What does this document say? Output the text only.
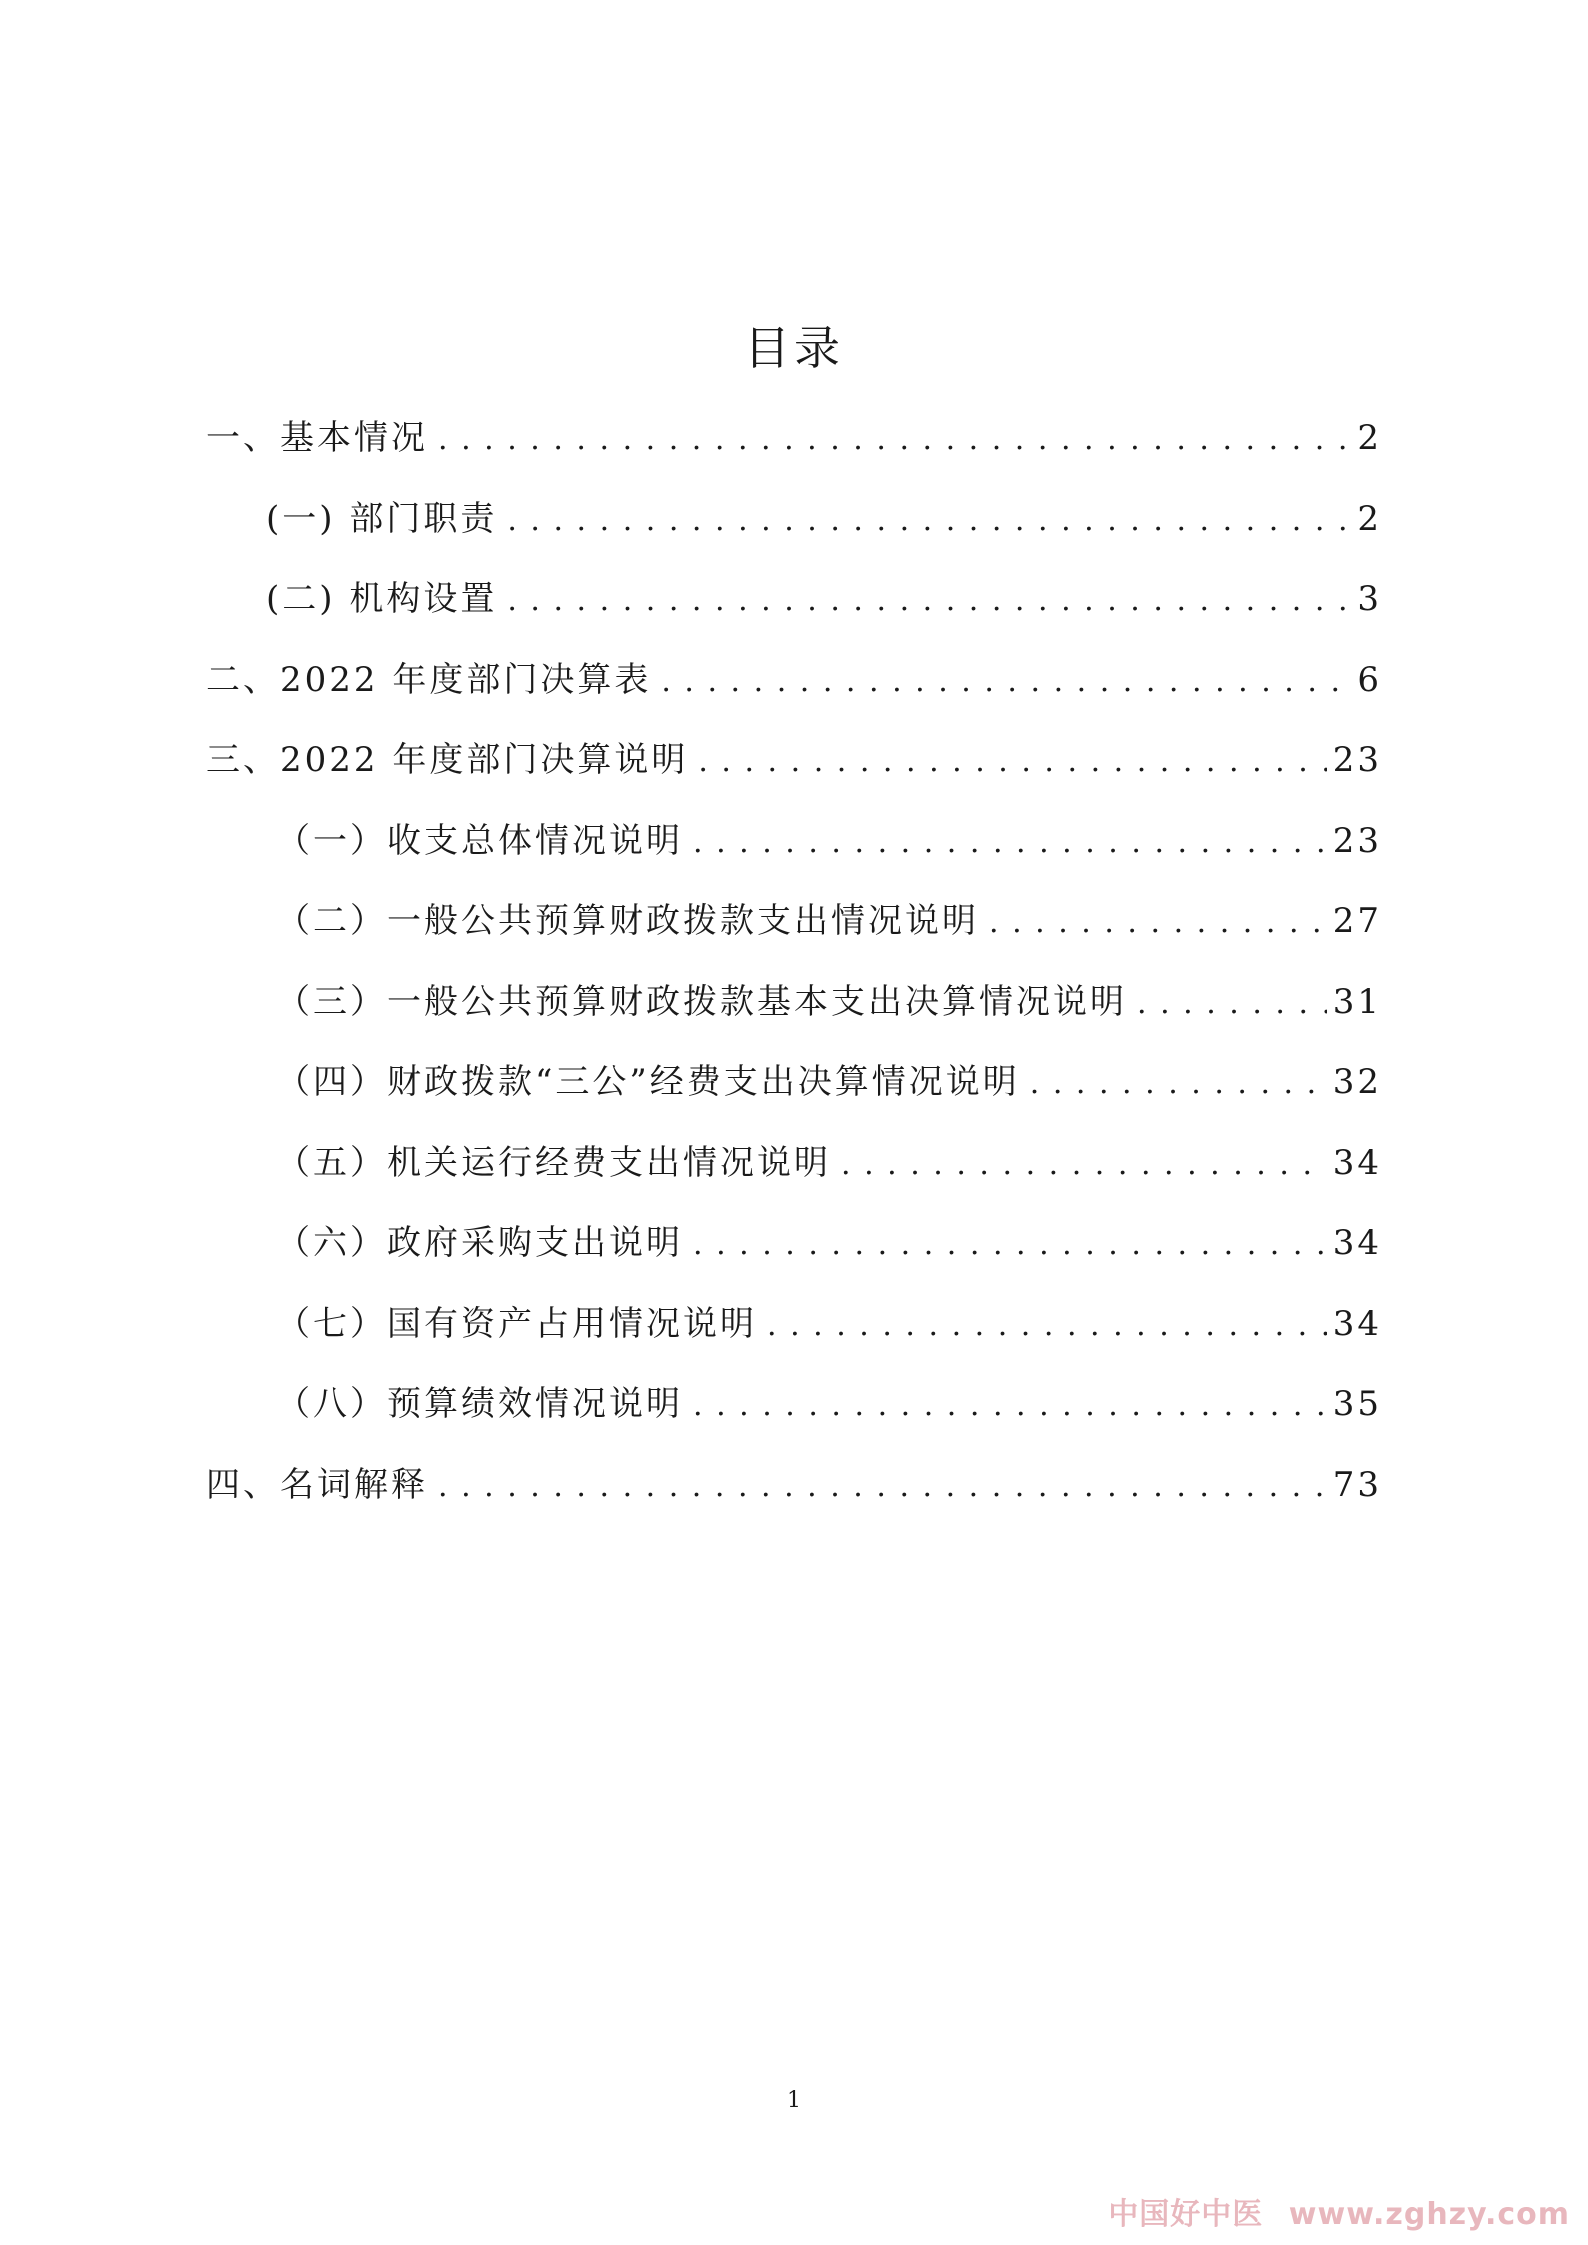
目录
一、基本情况 . . .	2
(一) 部门职责 . . .	2
(二) 机构设置 . . .	3
二、2022 年度部门决算表 . . .	6
三、2022 年度部门决算说明 . . .	23
（一）收支总体情况说明 . . .	23
（二）一般公共预算财政拨款支出情况说明 . . .	27
（三）一般公共预算财政拨款基本支出决算情况说明 . . .	31
（四）财政拨款“三公”经费支出决算情况说明 . . .	32
（五）机关运行经费支出情况说明 . . .	34
（六）政府采购支出说明 . . .	34
（七）国有资产占用情况说明 . . .	34
（八）预算绩效情况说明 . . .	35
四、名词解释 . . .	73
1
中国好中医 www.zghzy.com
